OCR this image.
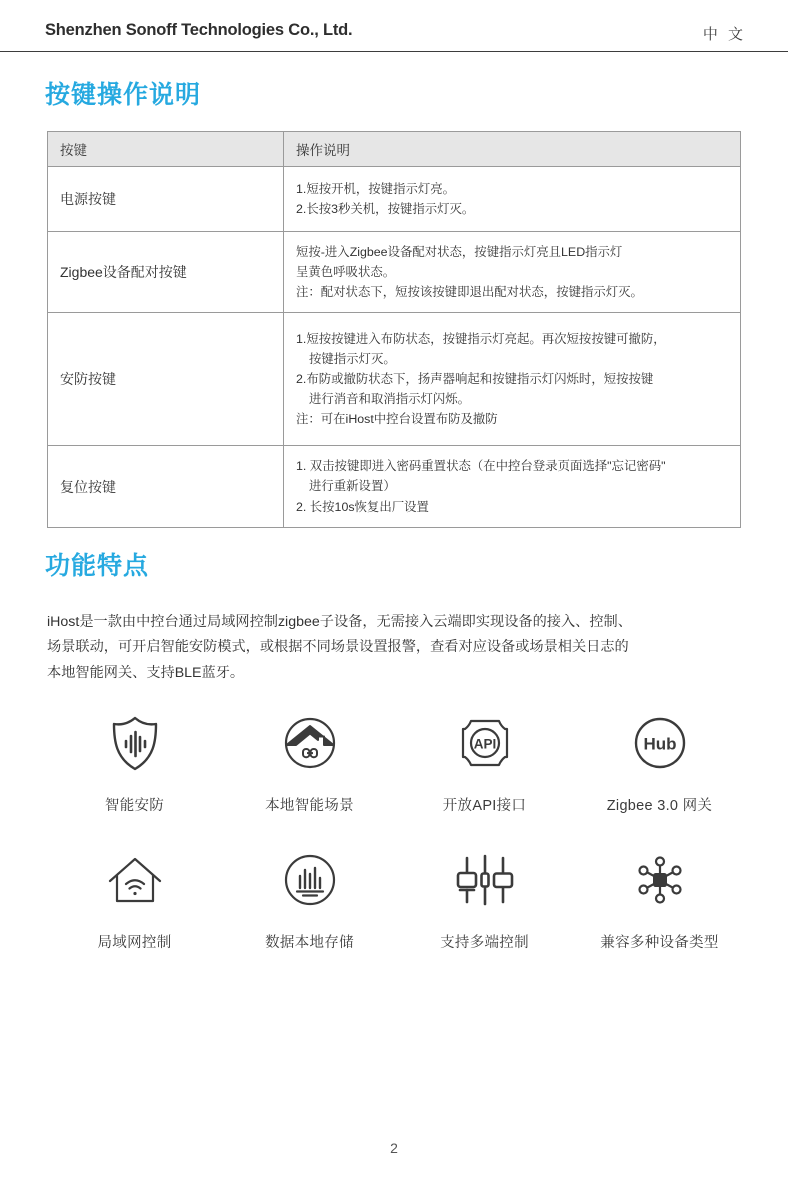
Shenzhen Sonoff Technologies Co., Ltd.	中 文
按键操作说明
按键	操作说明
电源按键	1.短按开机，按键指示灯亮。
2.长按3秒关机，按键指示灯灭。

Zigbee设备配对按键	短按-进入Zigbee设备配对状态，按键指示灯亮且LED指示灯
呈黄色呼吸状态。
注：配对状态下，短按该按键即退出配对状态，按键指示灯灭。

安防按键	1.短按按键进入布防状态，按键指示灯亮起。再次短按按键可撤防，
按键指示灯灭。
2.布防或撤防状态下，扬声器响起和按键指示灯闪烁时，短按按键
进行消音和取消指示灯闪烁。
注：可在iHost中控台设置布防及撤防

复位按键	1. 双击按键即进入密码重置状态（在中控台登录页面选择"忘记密码"
进行重新设置）
2. 长按10s恢复出厂设置
功能特点
iHost是一款由中控台通过局域网控制zigbee子设备，无需接入云端即实现设备的接入、控制、
场景联动，可开启智能安防模式，或根据不同场景设置报警，查看对应设备或场景相关日志的
本地智能网关、支持BLE蓝牙。
智能安防	本地智能场景
API
开放API接口
Hub
Zigbee 3.0 网关
局域网控制	数据本地存储	支持多端控制	兼容多种设备类型
2
